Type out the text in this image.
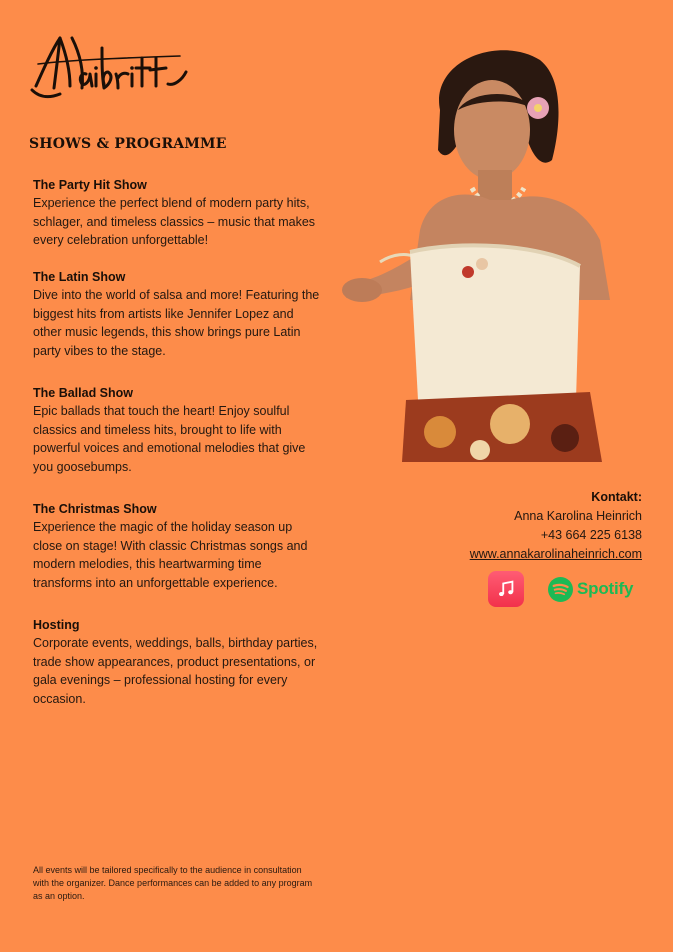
SHOWS & PROGRAMME
The Party Hit Show
Experience the perfect blend of modern party hits, schlager, and timeless classics – music that makes every celebration unforgettable!
The Latin Show
Dive into the world of salsa and more! Featuring the biggest hits from artists like Jennifer Lopez and other music legends, this show brings pure Latin party vibes to the stage.
The Ballad Show
Epic ballads that touch the heart! Enjoy soulful classics and timeless hits, brought to life with powerful voices and emotional melodies that give you goosebumps.
The Christmas Show
Experience the magic of the holiday season up close on stage! With classic Christmas songs and modern melodies, this heartwarming time transforms into an unforgettable experience.
Hosting
Corporate events, weddings, balls, birthday parties, trade show appearances, product presentations, or gala evenings – professional hosting for every occasion.
Kontakt:
Anna Karolina Heinrich
+43 664 225 6138
www.annakarolinaheinrich.com
Spotify
All events will be tailored specifically to the audience in consultation with the organizer. Dance performances can be added to any program as an option.
